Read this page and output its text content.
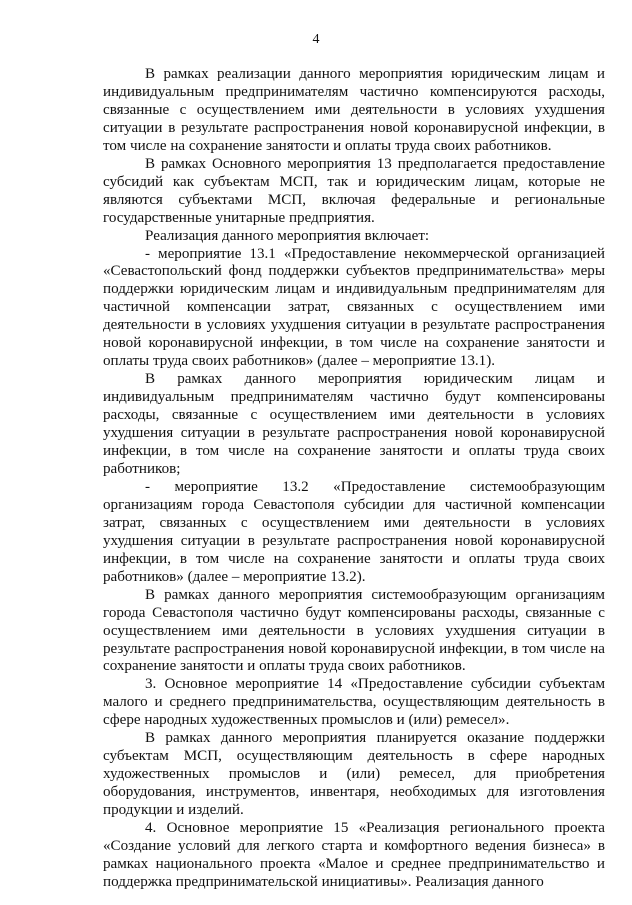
4

В рамках реализации данного мероприятия юридическим лицам и индивидуальным предпринимателям частично компенсируются расходы, связанные с осуществлением ими деятельности в условиях ухудшения ситуации в результате распространения новой коронавирусной инфекции, в том числе на сохранение занятости и оплаты труда своих работников.

В рамках Основного мероприятия 13 предполагается предоставление субсидий как субъектам МСП, так и юридическим лицам, которые не являются субъектами МСП, включая федеральные и региональные государственные унитарные предприятия.

Реализация данного мероприятия включает:

- мероприятие 13.1 «Предоставление некоммерческой организацией «Севастопольский фонд поддержки субъектов предпринимательства» меры поддержки юридическим лицам и индивидуальным предпринимателям для частичной компенсации затрат, связанных с осуществлением ими деятельности в условиях ухудшения ситуации в результате распространения новой коронавирусной инфекции, в том числе на сохранение занятости и оплаты труда своих работников» (далее – мероприятие 13.1).

В рамках данного мероприятия юридическим лицам и индивидуальным предпринимателям частично будут компенсированы расходы, связанные с осуществлением ими деятельности в условиях ухудшения ситуации в результате распространения новой коронавирусной инфекции, в том числе на сохранение занятости и оплаты труда своих работников;

- мероприятие 13.2 «Предоставление системообразующим организациям города Севастополя субсидии для частичной компенсации затрат, связанных с осуществлением ими деятельности в условиях ухудшения ситуации в результате распространения новой коронавирусной инфекции, в том числе на сохранение занятости и оплаты труда своих работников» (далее – мероприятие 13.2).

В рамках данного мероприятия системообразующим организациям города Севастополя частично будут компенсированы расходы, связанные с осуществлением ими деятельности в условиях ухудшения ситуации в результате распространения новой коронавирусной инфекции, в том числе на сохранение занятости и оплаты труда своих работников.

3. Основное мероприятие 14 «Предоставление субсидии субъектам малого и среднего предпринимательства, осуществляющим деятельность в сфере народных художественных промыслов и (или) ремесел».

В рамках данного мероприятия планируется оказание поддержки субъектам МСП, осуществляющим деятельность в сфере народных художественных промыслов и (или) ремесел, для приобретения оборудования, инструментов, инвентаря, необходимых для изготовления продукции и изделий.

4. Основное мероприятие 15 «Реализация регионального проекта «Создание условий для легкого старта и комфортного ведения бизнеса» в рамках национального проекта «Малое и среднее предпринимательство и поддержка предпринимательской инициативы». Реализация данного
